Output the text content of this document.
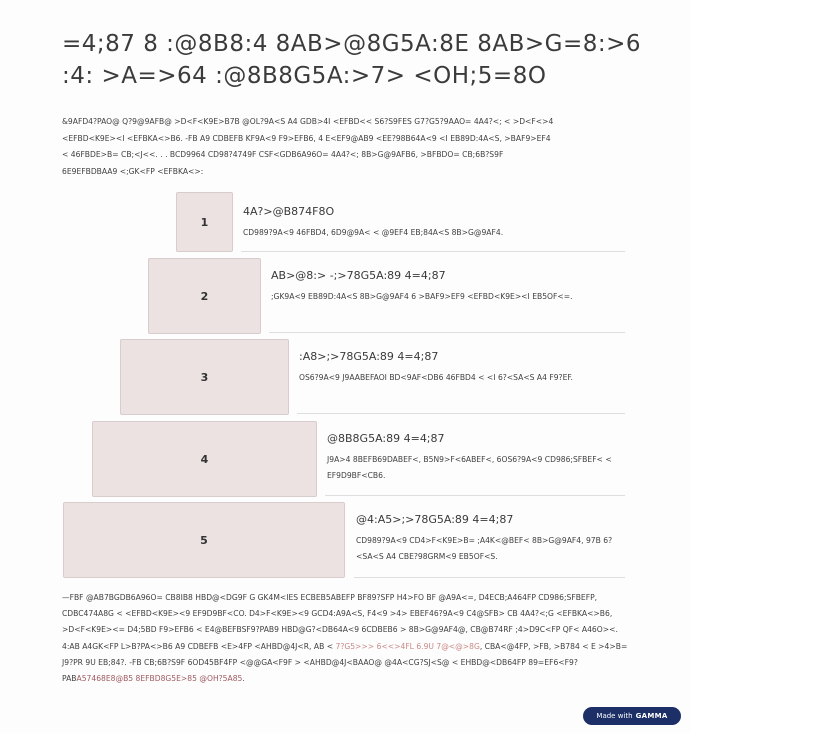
=4;87 8 :@8B8:4 8AB>@8G5A:8E 8AB>G=8:>6
:4: >A=>64 :@8B8G5A:>7> <OH;5=8O

&9AFD4?PAO@ Q?9@9AFB@ >D<F<K9E>B7B @OL?9A<S A4 GDB>4I <EFBD<< S6?S9FES G7?G5?9AAO= 4A4?<; < >D<F<>4
<EFBD<K9E><I <EFBKA<>B6. -FB A9 CDBEFB KF9A<9 F9>EFB6, 4 E<EF9@AB9 <EE?98B64A<9 <I EB89D:4A<S, >BAF9>EF4
< 46FBDE>B= CB;<J<<. . . BCD9964 CD98?4749F CSF<GDB6A96O= 4A4?<; 8B>G@9AFB6, >BFBDO= CB;6B?S9F
6E9EFBDBAA9 <;GK<FP <EFBKA<>:

1

4A?>@B874F8O

CD989?9A<9 46FBD4, 6D9@9A< < @9EF4 EB;84A<S 8B>G@9AF4.

2

AB>@8:> -;>78G5A:89 4=4;87

;GK9A<9 EB89D:4A<S 8B>G@9AF4 6 >BAF9>EF9 <EFBD<K9E><I EB5OF<=.

3

:A8>;>78G5A:89 4=4;87

OS6?9A<9 J9AABEFAOI BD<9AF<DB6 46FBD4 < <I 6?<SA<S A4 F9?EF.

4

@8B8G5A:89 4=4;87

J9A>4 8BEFB69DABEF<, B5N9>F<6ABEF<, 6OS6?9A<9 CD986;SFBEF< < EF9D9BF<CB6.

5

@4:A5>;>78G5A:89 4=4;87

CD989?9A<9 CD4>F<K9E>B= ;A4K<@BEF< 8B>G@9AF4, 97B 6?<SA<S A4 CBE?98GRM<9 EB5OF<S.

—FBF @AB7BGDB6A96O= CB8IB8 HBD@<DG9F G GK4M<IES ECBEB5ABEFP BF89?SFP H4>FO BF @A9A<=, D4ECB;A464FP CD986;SFBEFP, CDBC474A8G < <EFBD<K9E><9 EF9D9BF<CO. D4>F<K9E><9 GCD4:A9A<S, F4<9 >4> EBEF46?9A<9 C4@SFB> CB 4A4?<;G <EFBKA<>B6, >D<F<K9E><= D4;5BD F9>EFB6 < E4@BEFBSF9?PAB9 HBD@G?<DB64A<9 6CDBEB6 > 8B>G@9AF4@, CB@B74RF ;4>D9C<FP QF< A46O><. 4:AB A4GK<FP L>B?PA<>B6 A9 CDBEFB <E>4FP <AHBD@4J<R, AB < 7?G5>>> 6<<>4FL 6.9U 7@<@>8G, CBA<@4FP, >FB, >B784 < E >4>B= J9?PR 9U EB;84?. -FB CB;6B?S9F 6OD45BF4FP <@@GA<F9F > <AHBD@4J<BAAO@ @4A<CG?SJ<S@ < EHBD@<DB64FP 89=EF6<F9?PABA57468E8@B5 8EFBD8G5E>85 @OH?5A85.

Made with GAMMA
